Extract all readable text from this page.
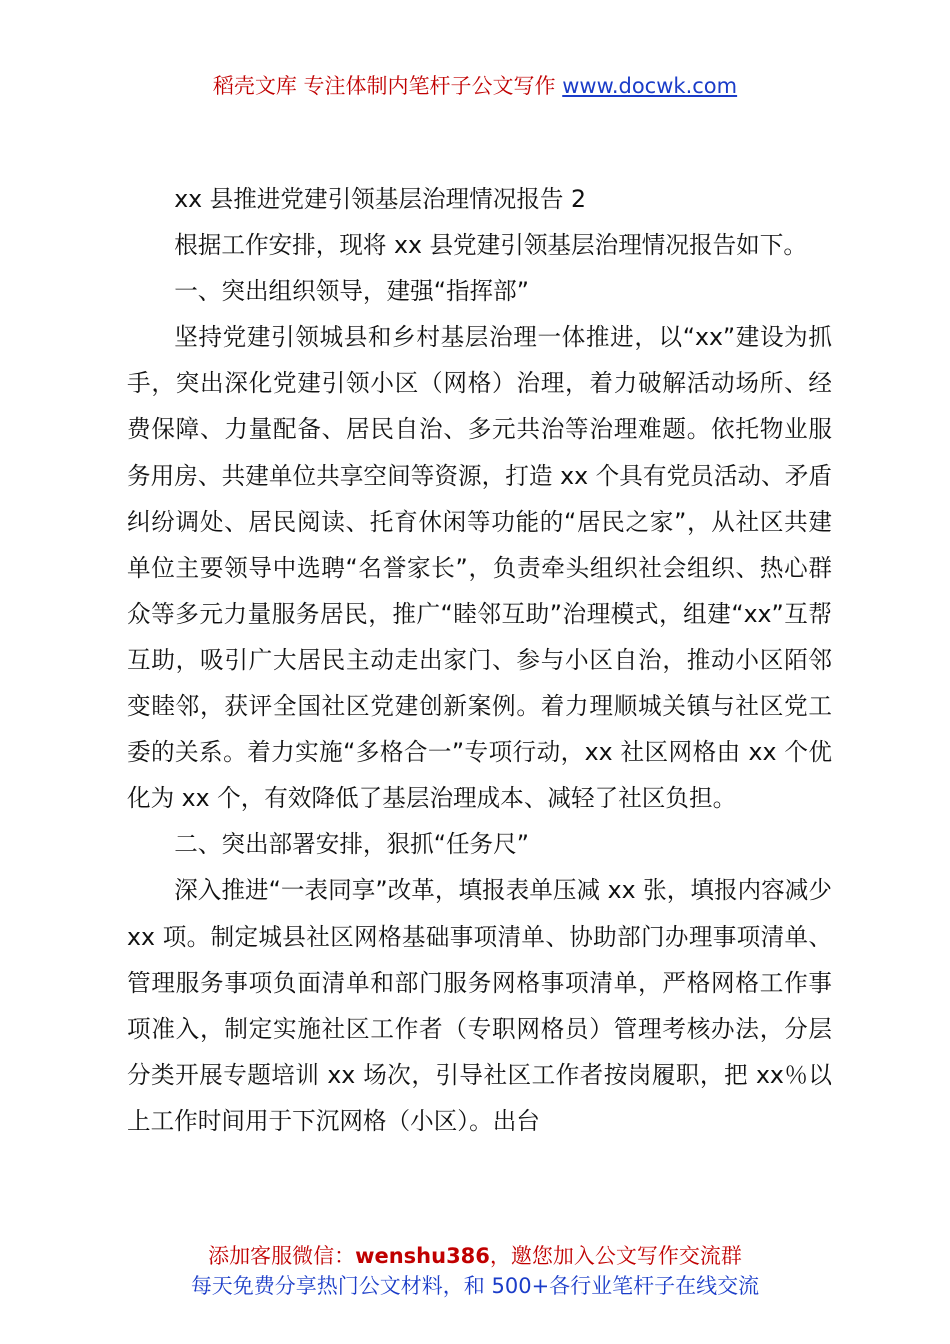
稻壳文库 专注体制内笔杆子公文写作 www.docwk.com

xx 县推进党建引领基层治理情况报告 2

根据工作安排，现将 xx 县党建引领基层治理情况报告如下。

一、突出组织领导，建强“指挥部”

坚持党建引领城县和乡村基层治理一体推进，以“xx”建设为抓手，突出深化党建引领小区（网格）治理，着力破解活动场所、经费保障、力量配备、居民自治、多元共治等治理难题。依托物业服务用房、共建单位共享空间等资源，打造 xx 个具有党员活动、矛盾纠纷调处、居民阅读、托育休闲等功能的“居民之家”，从社区共建单位主要领导中选聘“名誉家长”，负责牵头组织社会组织、热心群众等多元力量服务居民，推广“睦邻互助”治理模式，组建“xx”互帮互助，吸引广大居民主动走出家门、参与小区自治，推动小区陌邻变睦邻，获评全国社区党建创新案例。着力理顺城关镇与社区党工委的关系。着力实施“多格合一”专项行动，xx 社区网格由 xx 个优化为 xx 个，有效降低了基层治理成本、减轻了社区负担。

二、突出部署安排，狠抓“任务尺”

深入推进“一表同享”改革，填报表单压减 xx 张，填报内容减少 xx 项。制定城县社区网格基础事项清单、协助部门办理事项清单、管理服务事项负面清单和部门服务网格事项清单，严格网格工作事项准入，制定实施社区工作者（专职网格员）管理考核办法，分层分类开展专题培训 xx 场次，引导社区工作者按岗履职，把 xx％以上工作时间用于下沉网格（小区）。出台

添加客服微信：wenshu386，邀您加入公文写作交流群
每天免费分享热门公文材料，和 500+各行业笔杆子在线交流
